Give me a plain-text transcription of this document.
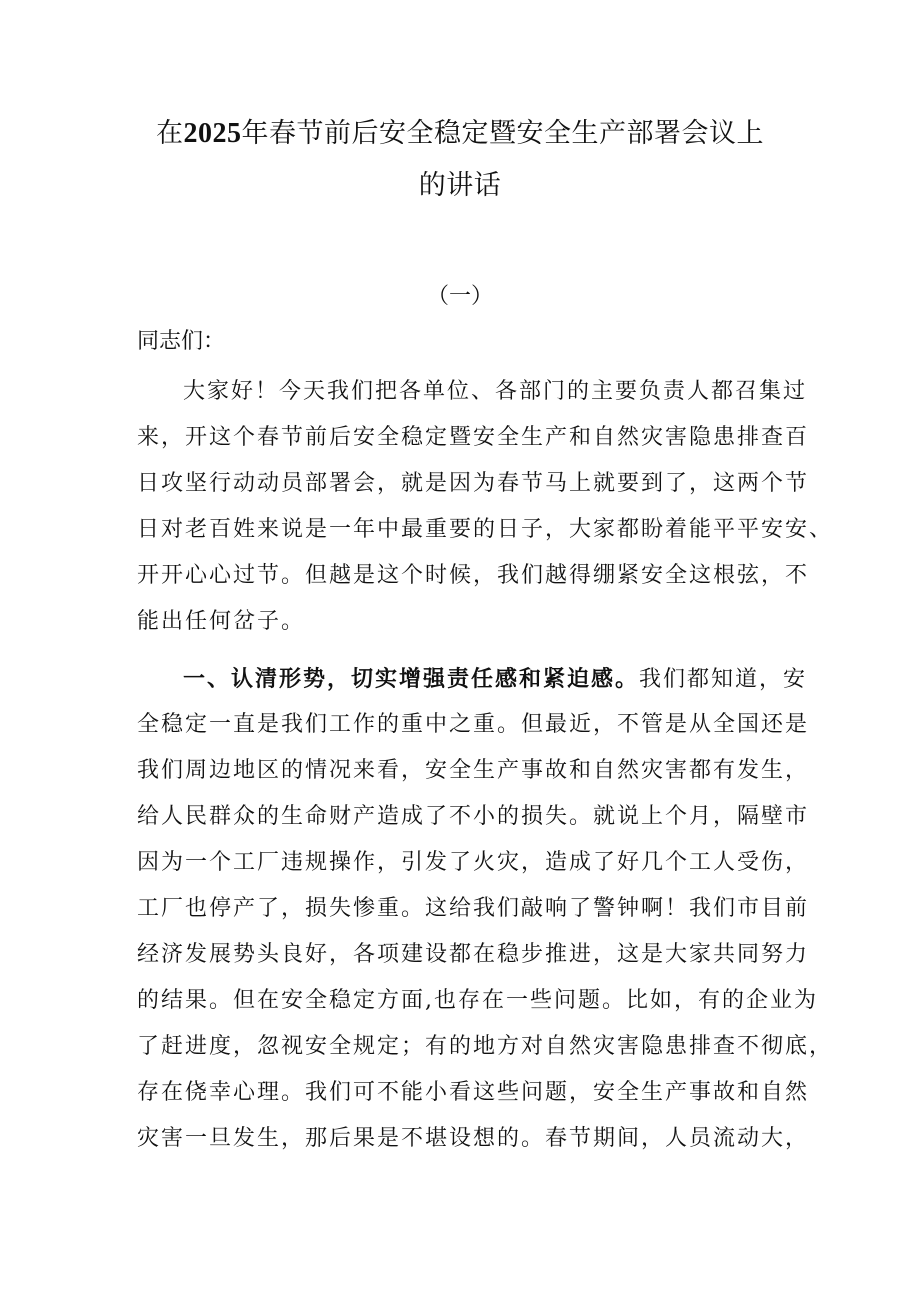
在2025年春节前后安全稳定暨安全生产部署会议上
的讲话
（一）
同志们：
大家好！今天我们把各单位、各部门的主要负责人都召集过
来，开这个春节前后安全稳定暨安全生产和自然灾害隐患排查百
日攻坚行动动员部署会，就是因为春节马上就要到了，这两个节
日对老百姓来说是一年中最重要的日子，大家都盼着能平平安安、
开开心心过节。但越是这个时候，我们越得绷紧安全这根弦，不
能出任何岔子。
一、认清形势，切实增强责任感和紧迫感。我们都知道，安
全稳定一直是我们工作的重中之重。但最近，不管是从全国还是
我们周边地区的情况来看，安全生产事故和自然灾害都有发生，
给人民群众的生命财产造成了不小的损失。就说上个月，隔壁市
因为一个工厂违规操作，引发了火灾，造成了好几个工人受伤，
工厂也停产了，损失惨重。这给我们敲响了警钟啊！我们市目前
经济发展势头良好，各项建设都在稳步推进，这是大家共同努力
的结果。但在安全稳定方面,也存在一些问题。比如，有的企业为
了赶进度，忽视安全规定；有的地方对自然灾害隐患排查不彻底，
存在侥幸心理。我们可不能小看这些问题，安全生产事故和自然
灾害一旦发生，那后果是不堪设想的。春节期间，人员流动大，
